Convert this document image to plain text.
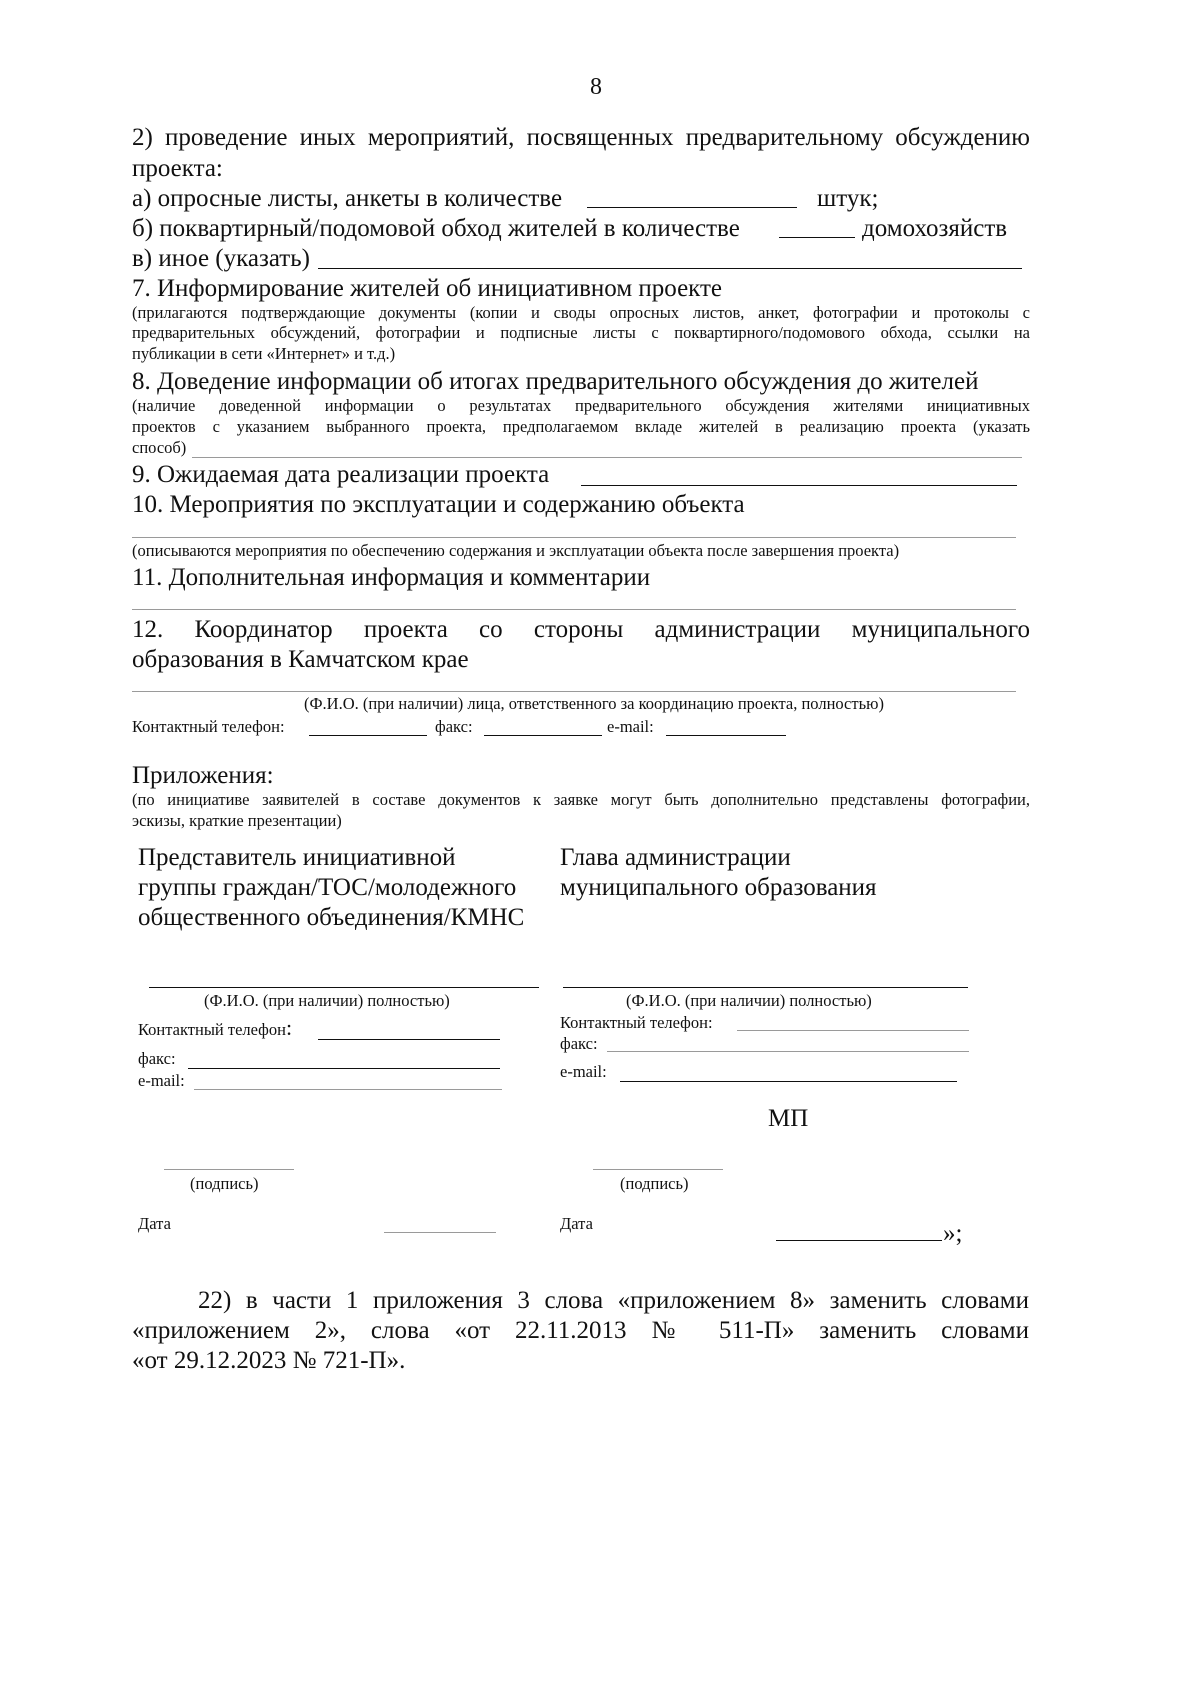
8
2) проведение иных мероприятий, посвященных предварительному обсуждению
проекта:
а) опросные листы, анкеты в количестве	штук;
б) поквартирный/подомовой обход жителей в количестве	домохозяйств
в) иное (указать)
7. Информирование жителей об инициативном проекте
(прилагаются подтверждающие документы (копии и своды опросных листов, анкет, фотографии и протоколы с
предварительных обсуждений, фотографии и подписные листы с поквартирного/подомового обхода, ссылки на
публикации в сети «Интернет» и т.д.)
8. Доведение информации об итогах предварительного обсуждения до жителей
(наличие доведенной информации о результатах предварительного обсуждения жителями инициативных
проектов с указанием выбранного проекта, предполагаемом вкладе жителей в реализацию проекта (указать
способ)
9. Ожидаемая дата реализации проекта
10. Мероприятия по эксплуатации и содержанию объекта
(описываются мероприятия по обеспечению содержания и эксплуатации объекта после завершения проекта)
11. Дополнительная информация и комментарии
12. Координатор проекта со стороны администрации муниципального
образования в Камчатском крае
(Ф.И.О. (при наличии) лица, ответственного за координацию проекта, полностью)
Контактный телефон:	факс:	e-mail:
Приложения:
(по инициативе заявителей в составе документов к заявке могут быть дополнительно представлены фотографии,
эскизы, краткие презентации)
Представитель инициативной
группы граждан/ТОС/молодежного
общественного объединения/КМНС
(Ф.И.О. (при наличии) полностью)
Контактный телефон:
факс:
e-mail:
(подпись)
Дата
Глава администрации
муниципального образования
(Ф.И.О. (при наличии) полностью)
Контактный телефон:
факс:
e-mail:
МП
(подпись)
Дата	»;
22) в части 1 приложения 3 слова «приложением 8» заменить словами
«приложением 2», слова «от 22.11.2013 № 511-П» заменить словами
«от 29.12.2023 № 721-П».
